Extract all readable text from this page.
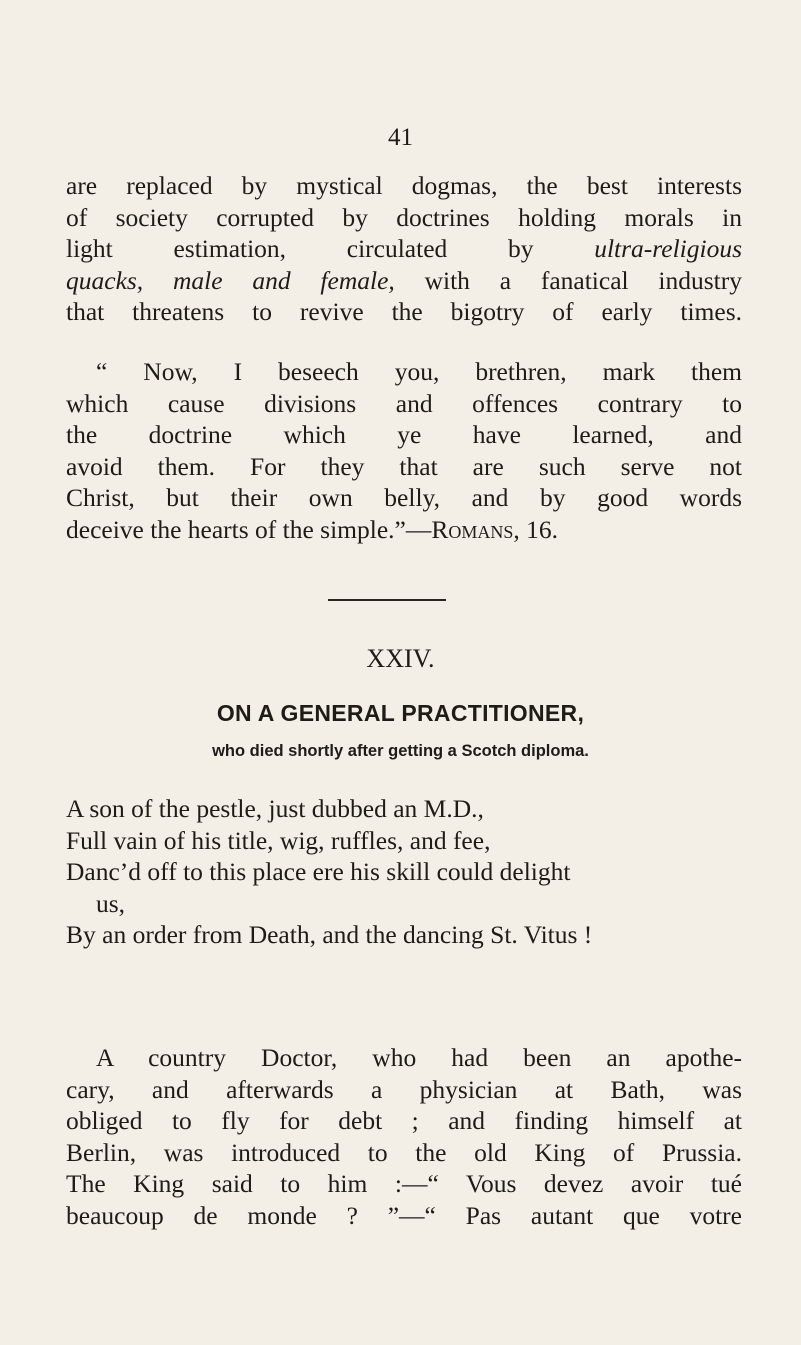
41
are replaced by mystical dogmas, the best interests
of society corrupted by doctrines holding morals in
light estimation, circulated by ultra-religious
quacks, male and female, with a fanatical industry
that threatens to revive the bigotry of early times.
“ Now, I beseech you, brethren, mark them
which cause divisions and offences contrary to
the doctrine which ye have learned, and
avoid them. For they that are such serve not
Christ, but their own belly, and by good words
deceive the hearts of the simple.”—Romans, 16.
XXIV.
ON A GENERAL PRACTITIONER,
who died shortly after getting a Scotch diploma.
A son of the pestle, just dubbed an M.D.,
Full vain of his title, wig, ruffles, and fee,
Danc’d off to this place ere his skill could delight
us,
By an order from Death, and the dancing St. Vitus !
A country Doctor, who had been an apothe-
cary, and afterwards a physician at Bath, was
obliged to fly for debt ; and finding himself at
Berlin, was introduced to the old King of Prussia.
The King said to him :—“ Vous devez avoir tué
beaucoup de monde ? ”—“ Pas autant que votre
